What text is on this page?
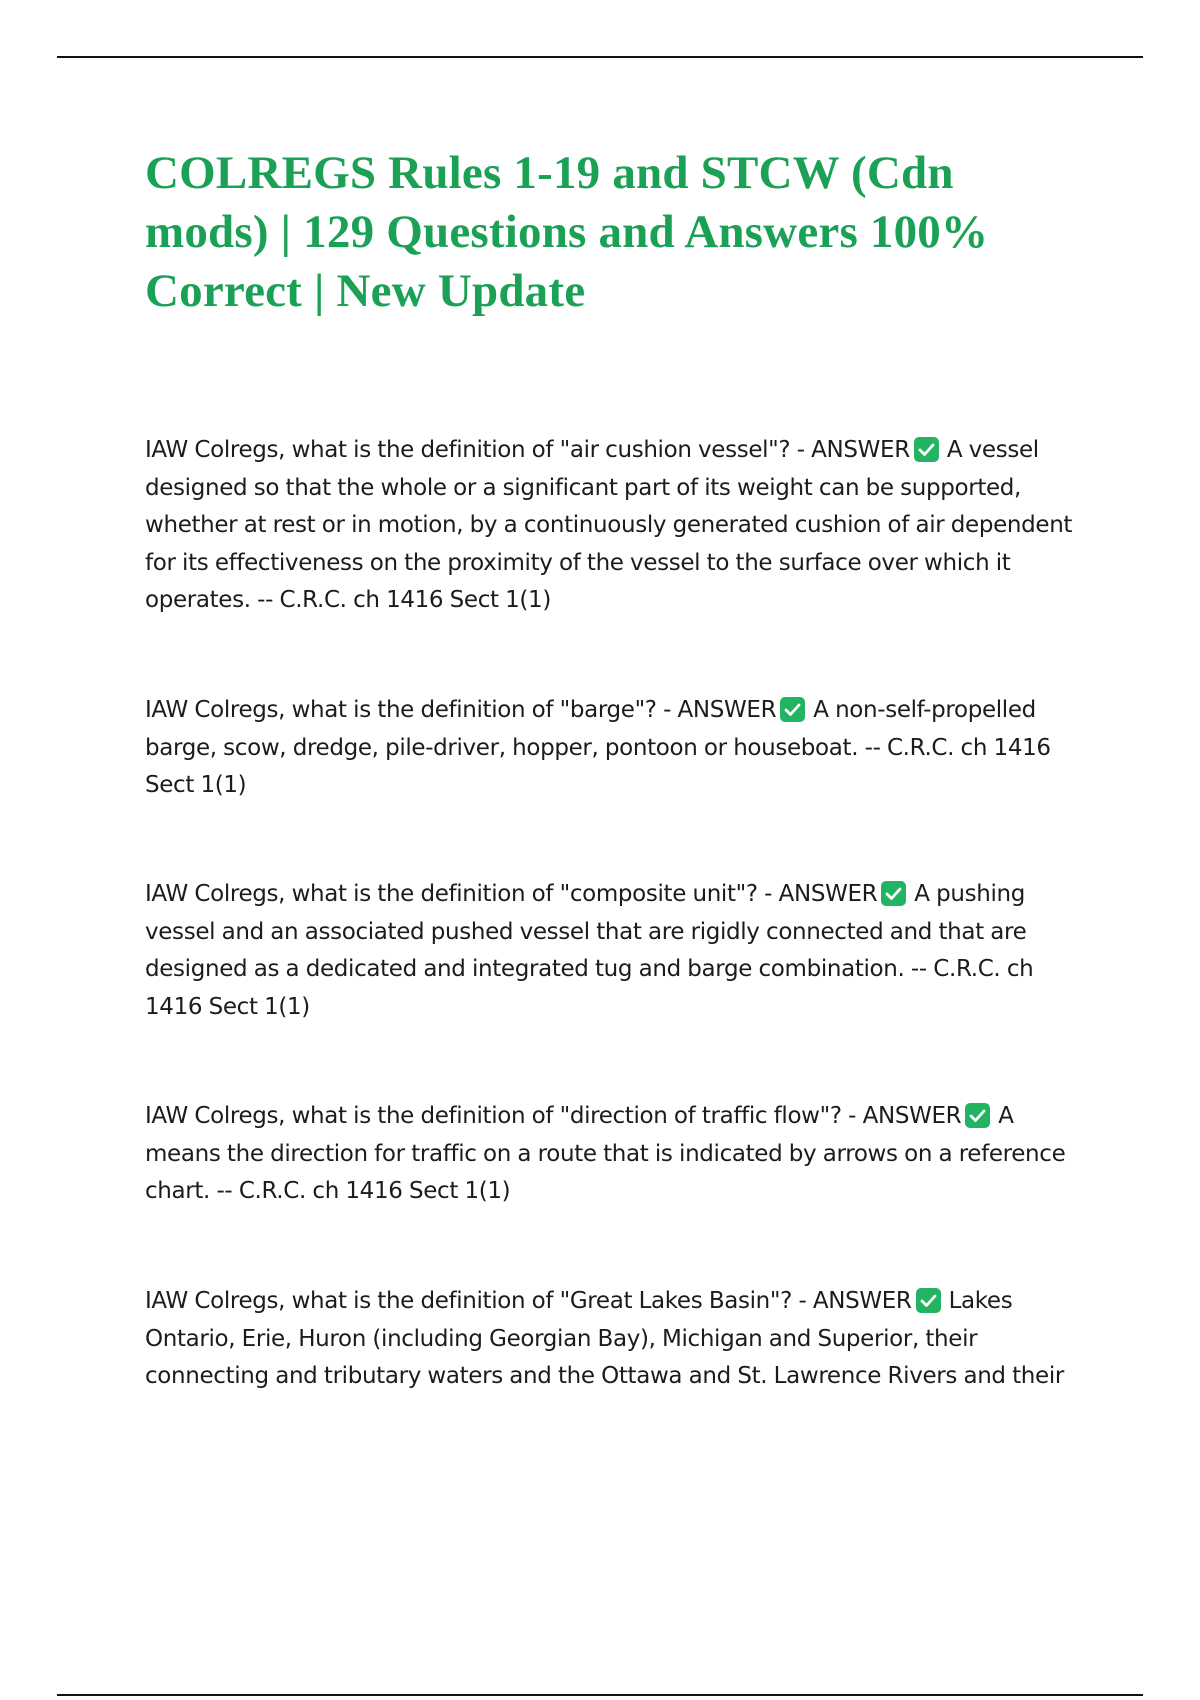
COLREGS Rules 1-19 and STCW (Cdn mods) | 129 Questions and Answers 100% Correct | New Update

IAW Colregs, what is the definition of "air cushion vessel"? - ANSWER A vessel designed so that the whole or a significant part of its weight can be supported, whether at rest or in motion, by a continuously generated cushion of air dependent for its effectiveness on the proximity of the vessel to the surface over which it operates. -- C.R.C. ch 1416 Sect 1(1)

IAW Colregs, what is the definition of "barge"? - ANSWER A non-self-propelled barge, scow, dredge, pile-driver, hopper, pontoon or houseboat. -- C.R.C. ch 1416 Sect 1(1)

IAW Colregs, what is the definition of "composite unit"? - ANSWER A pushing vessel and an associated pushed vessel that are rigidly connected and that are designed as a dedicated and integrated tug and barge combination. -- C.R.C. ch 1416 Sect 1(1)

IAW Colregs, what is the definition of "direction of traffic flow"? - ANSWER A means the direction for traffic on a route that is indicated by arrows on a reference chart. -- C.R.C. ch 1416 Sect 1(1)

IAW Colregs, what is the definition of "Great Lakes Basin"? - ANSWER Lakes Ontario, Erie, Huron (including Georgian Bay), Michigan and Superior, their connecting and tributary waters and the Ottawa and St. Lawrence Rivers and their
